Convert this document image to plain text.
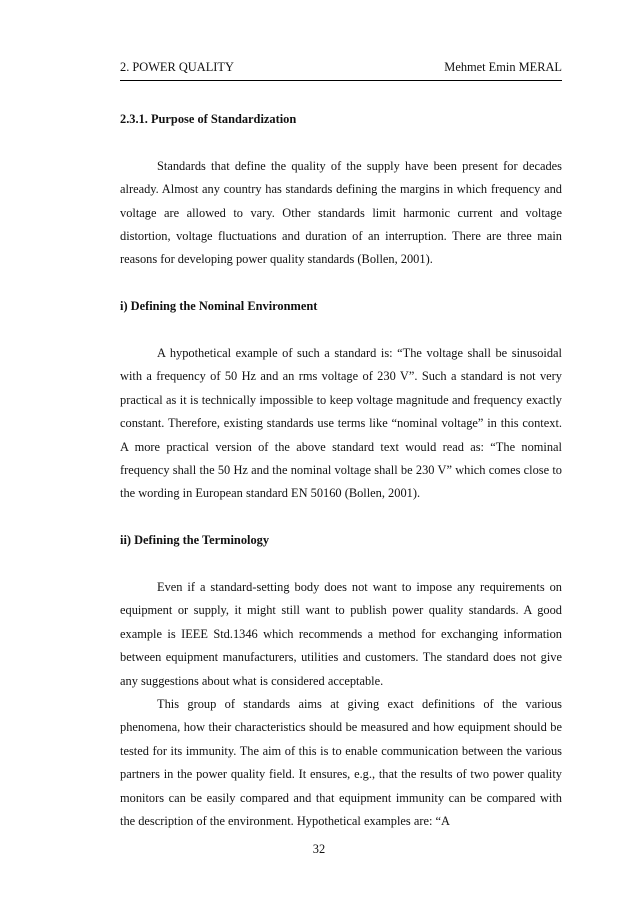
2. POWER QUALITY	Mehmet Emin MERAL

2.3.1. Purpose of Standardization

Standards that define the quality of the supply have been present for decades already. Almost any country has standards defining the margins in which frequency and voltage are allowed to vary. Other standards limit harmonic current and voltage distortion, voltage fluctuations and duration of an interruption. There are three main reasons for developing power quality standards (Bollen, 2001).

i) Defining the Nominal Environment

A hypothetical example of such a standard is: “The voltage shall be sinusoidal with a frequency of 50 Hz and an rms voltage of 230 V”. Such a standard is not very practical as it is technically impossible to keep voltage magnitude and frequency exactly constant. Therefore, existing standards use terms like “nominal voltage” in this context. A more practical version of the above standard text would read as: “The nominal frequency shall the 50 Hz and the nominal voltage shall be 230 V” which comes close to the wording in European standard EN 50160 (Bollen, 2001).

ii) Defining the Terminology

Even if a standard-setting body does not want to impose any requirements on equipment or supply, it might still want to publish power quality standards. A good example is IEEE Std.1346 which recommends a method for exchanging information between equipment manufacturers, utilities and customers. The standard does not give any suggestions about what is considered acceptable.

This group of standards aims at giving exact definitions of the various phenomena, how their characteristics should be measured and how equipment should be tested for its immunity. The aim of this is to enable communication between the various partners in the power quality field. It ensures, e.g., that the results of two power quality monitors can be easily compared and that equipment immunity can be compared with the description of the environment. Hypothetical examples are: “A

32
